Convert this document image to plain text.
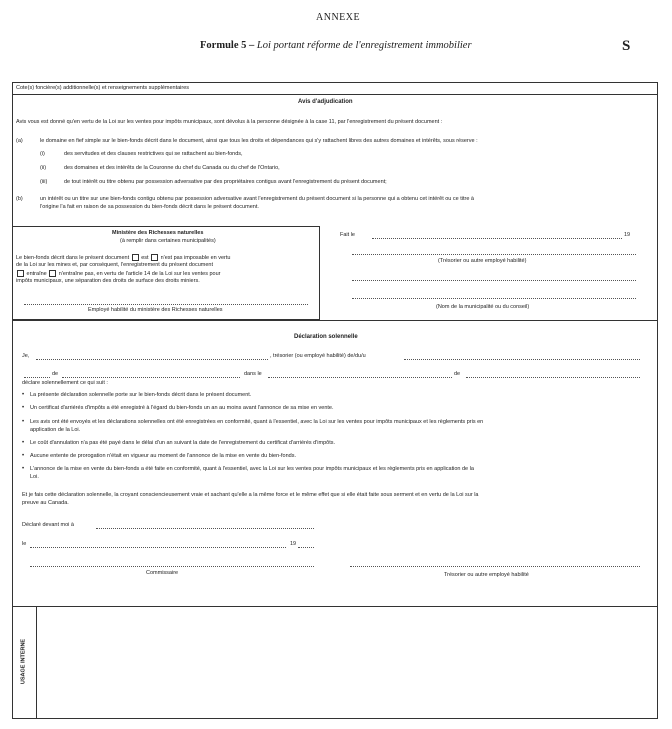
ANNEXE
Formule 5 – Loi portant réforme de l'enregistrement immobilier	S
Cote(s) foncière(s) additionnelle(s) et renseignements supplémentaires
Avis d'adjudication
Avis vous est donné qu'en vertu de la Loi sur les ventes pour impôts municipaux, sont dévolus à la personne désignée à la case 11, par l'enregistrement du présent document :
(a)	le domaine en fief simple sur le bien-fonds décrit dans le document, ainsi que tous les droits et dépendances qui s'y rattachent libres des autres domaines et intérêts, sous réserve :
(i)	des servitudes et des clauses restrictives qui se rattachent au bien-fonds,
(ii)	des domaines et des intérêts de la Couronne du chef du Canada ou du chef de l'Ontario,
(iii)	de tout intérêt ou titre obtenu par possession adversative par des propriétaires contigus avant l'enregistrement du présent document;
(b)	un intérêt ou un titre sur une bien-fonds contigu obtenu par possession adversative avant l'enregistrement du présent document si la personne qui a obtenu cet intérêt ou ce titre à
l'origine l'a fait en raison de sa possession du bien-fonds décrit dans le présent document.
Ministère des Richesses naturelles
(à remplir dans certaines municipalités)
Le bien-fonds décrit dans le présent document est n'est pas imposable en vertu
de la Loi sur les mines et, par conséquent, l'enregistrement du présent document
entraîne n'entraîne pas, en vertu de l'article 14 de la Loi sur les ventes pour
impôts municipaux, une séparation des droits de surface des droits miniers.
Employé habilité du ministère des Richesses naturelles
Fait le	19
(Trésorier ou autre employé habilité)
(Nom de la municipalité ou du conseil)
Déclaration solennelle
Je,	, trésorier (ou employé habilité) de/du/u
de	dans le	de
déclare solennellement ce qui suit :
• La présente déclaration solennelle porte sur le bien-fonds décrit dans le présent document.
• Un certificat d'arriérés d'impôts a été enregistré à l'égard du bien-fonds un an au moins avant l'annonce de sa mise en vente.
• Les avis ont été envoyés et les déclarations solennelles ont été enregistrées en conformité, quant à l'essentiel, avec la Loi sur les ventes pour impôts municipaux et les règlements pris en
application de la Loi.
• Le coût d'annulation n'a pas été payé dans le délai d'un an suivant la date de l'enregistrement du certificat d'arriérés d'impôts.
• Aucune entente de prorogation n'était en vigueur au moment de l'annonce de la mise en vente du bien-fonds.
• L'annonce de la mise en vente du bien-fonds a été faite en conformité, quant à l'essentiel, avec la Loi sur les ventes pour impôts municipaux et les règlements pris en application de la
Loi.
Et je fais cette déclaration solennelle, la croyant consciencieusement vraie et sachant qu'elle a la même force et le même effet que si elle était faite sous serment et en vertu de la Loi sur la
preuve au Canada.
Déclaré devant moi à
le	19
Commissaire	Trésorier ou autre employé habilité
USAGE INTERNE
